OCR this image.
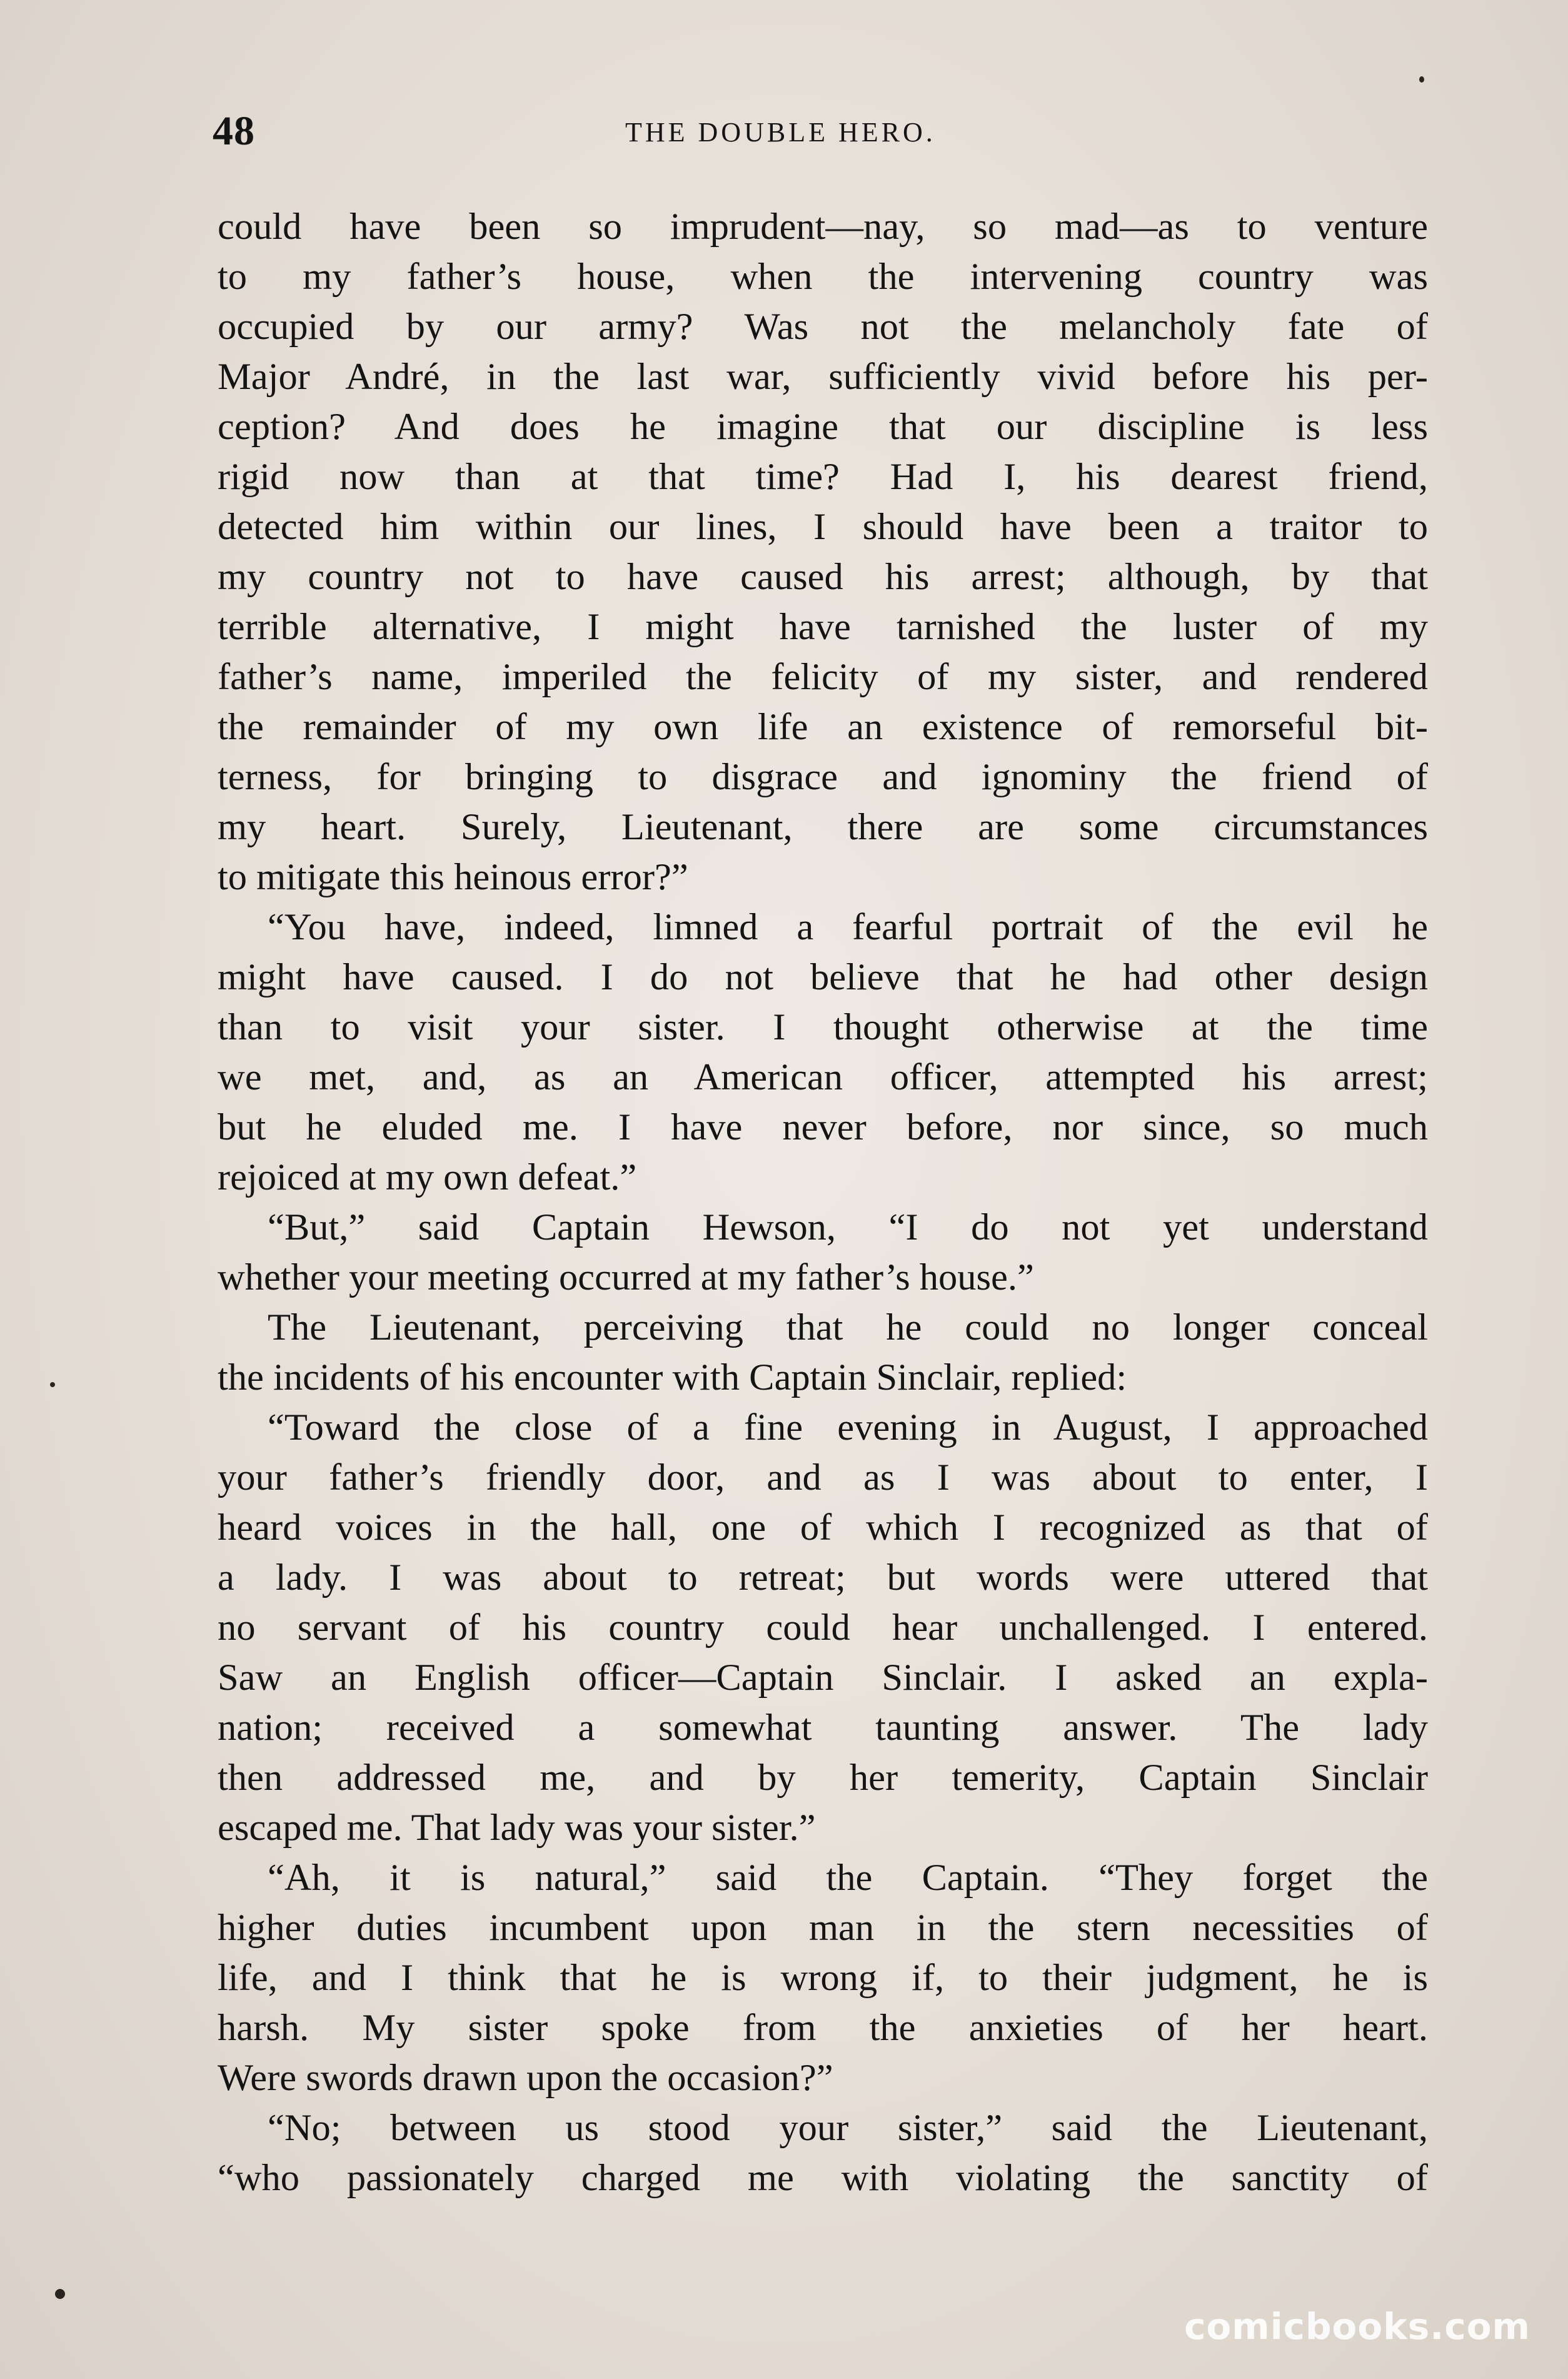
48	THE DOUBLE HERO.
could have been so imprudent—nay, so mad—as to venture
to my father’s house, when the intervening country was
occupied by our army? Was not the melancholy fate of
Major André, in the last war, sufficiently vivid before his per-
ception? And does he imagine that our discipline is less
rigid now than at that time? Had I, his dearest friend,
detected him within our lines, I should have been a traitor to
my country not to have caused his arrest; although, by that
terrible alternative, I might have tarnished the luster of my
father’s name, imperiled the felicity of my sister, and rendered
the remainder of my own life an existence of remorseful bit-
terness, for bringing to disgrace and ignominy the friend of
my heart. Surely, Lieutenant, there are some circumstances
to mitigate this heinous error?”
“You have, indeed, limned a fearful portrait of the evil he
might have caused. I do not believe that he had other design
than to visit your sister. I thought otherwise at the time
we met, and, as an American officer, attempted his arrest;
but he eluded me. I have never before, nor since, so much
rejoiced at my own defeat.”
“But,” said Captain Hewson, “I do not yet understand
whether your meeting occurred at my father’s house.”
The Lieutenant, perceiving that he could no longer conceal
the incidents of his encounter with Captain Sinclair, replied:
“Toward the close of a fine evening in August, I approached
your father’s friendly door, and as I was about to enter, I
heard voices in the hall, one of which I recognized as that of
a lady. I was about to retreat; but words were uttered that
no servant of his country could hear unchallenged. I entered.
Saw an English officer—Captain Sinclair. I asked an expla-
nation; received a somewhat taunting answer. The lady
then addressed me, and by her temerity, Captain Sinclair
escaped me. That lady was your sister.”
“Ah, it is natural,” said the Captain. “They forget the
higher duties incumbent upon man in the stern necessities of
life, and I think that he is wrong if, to their judgment, he is
harsh. My sister spoke from the anxieties of her heart.
Were swords drawn upon the occasion?”
“No; between us stood your sister,” said the Lieutenant,
“who passionately charged me with violating the sanctity of
comicbooks.com
